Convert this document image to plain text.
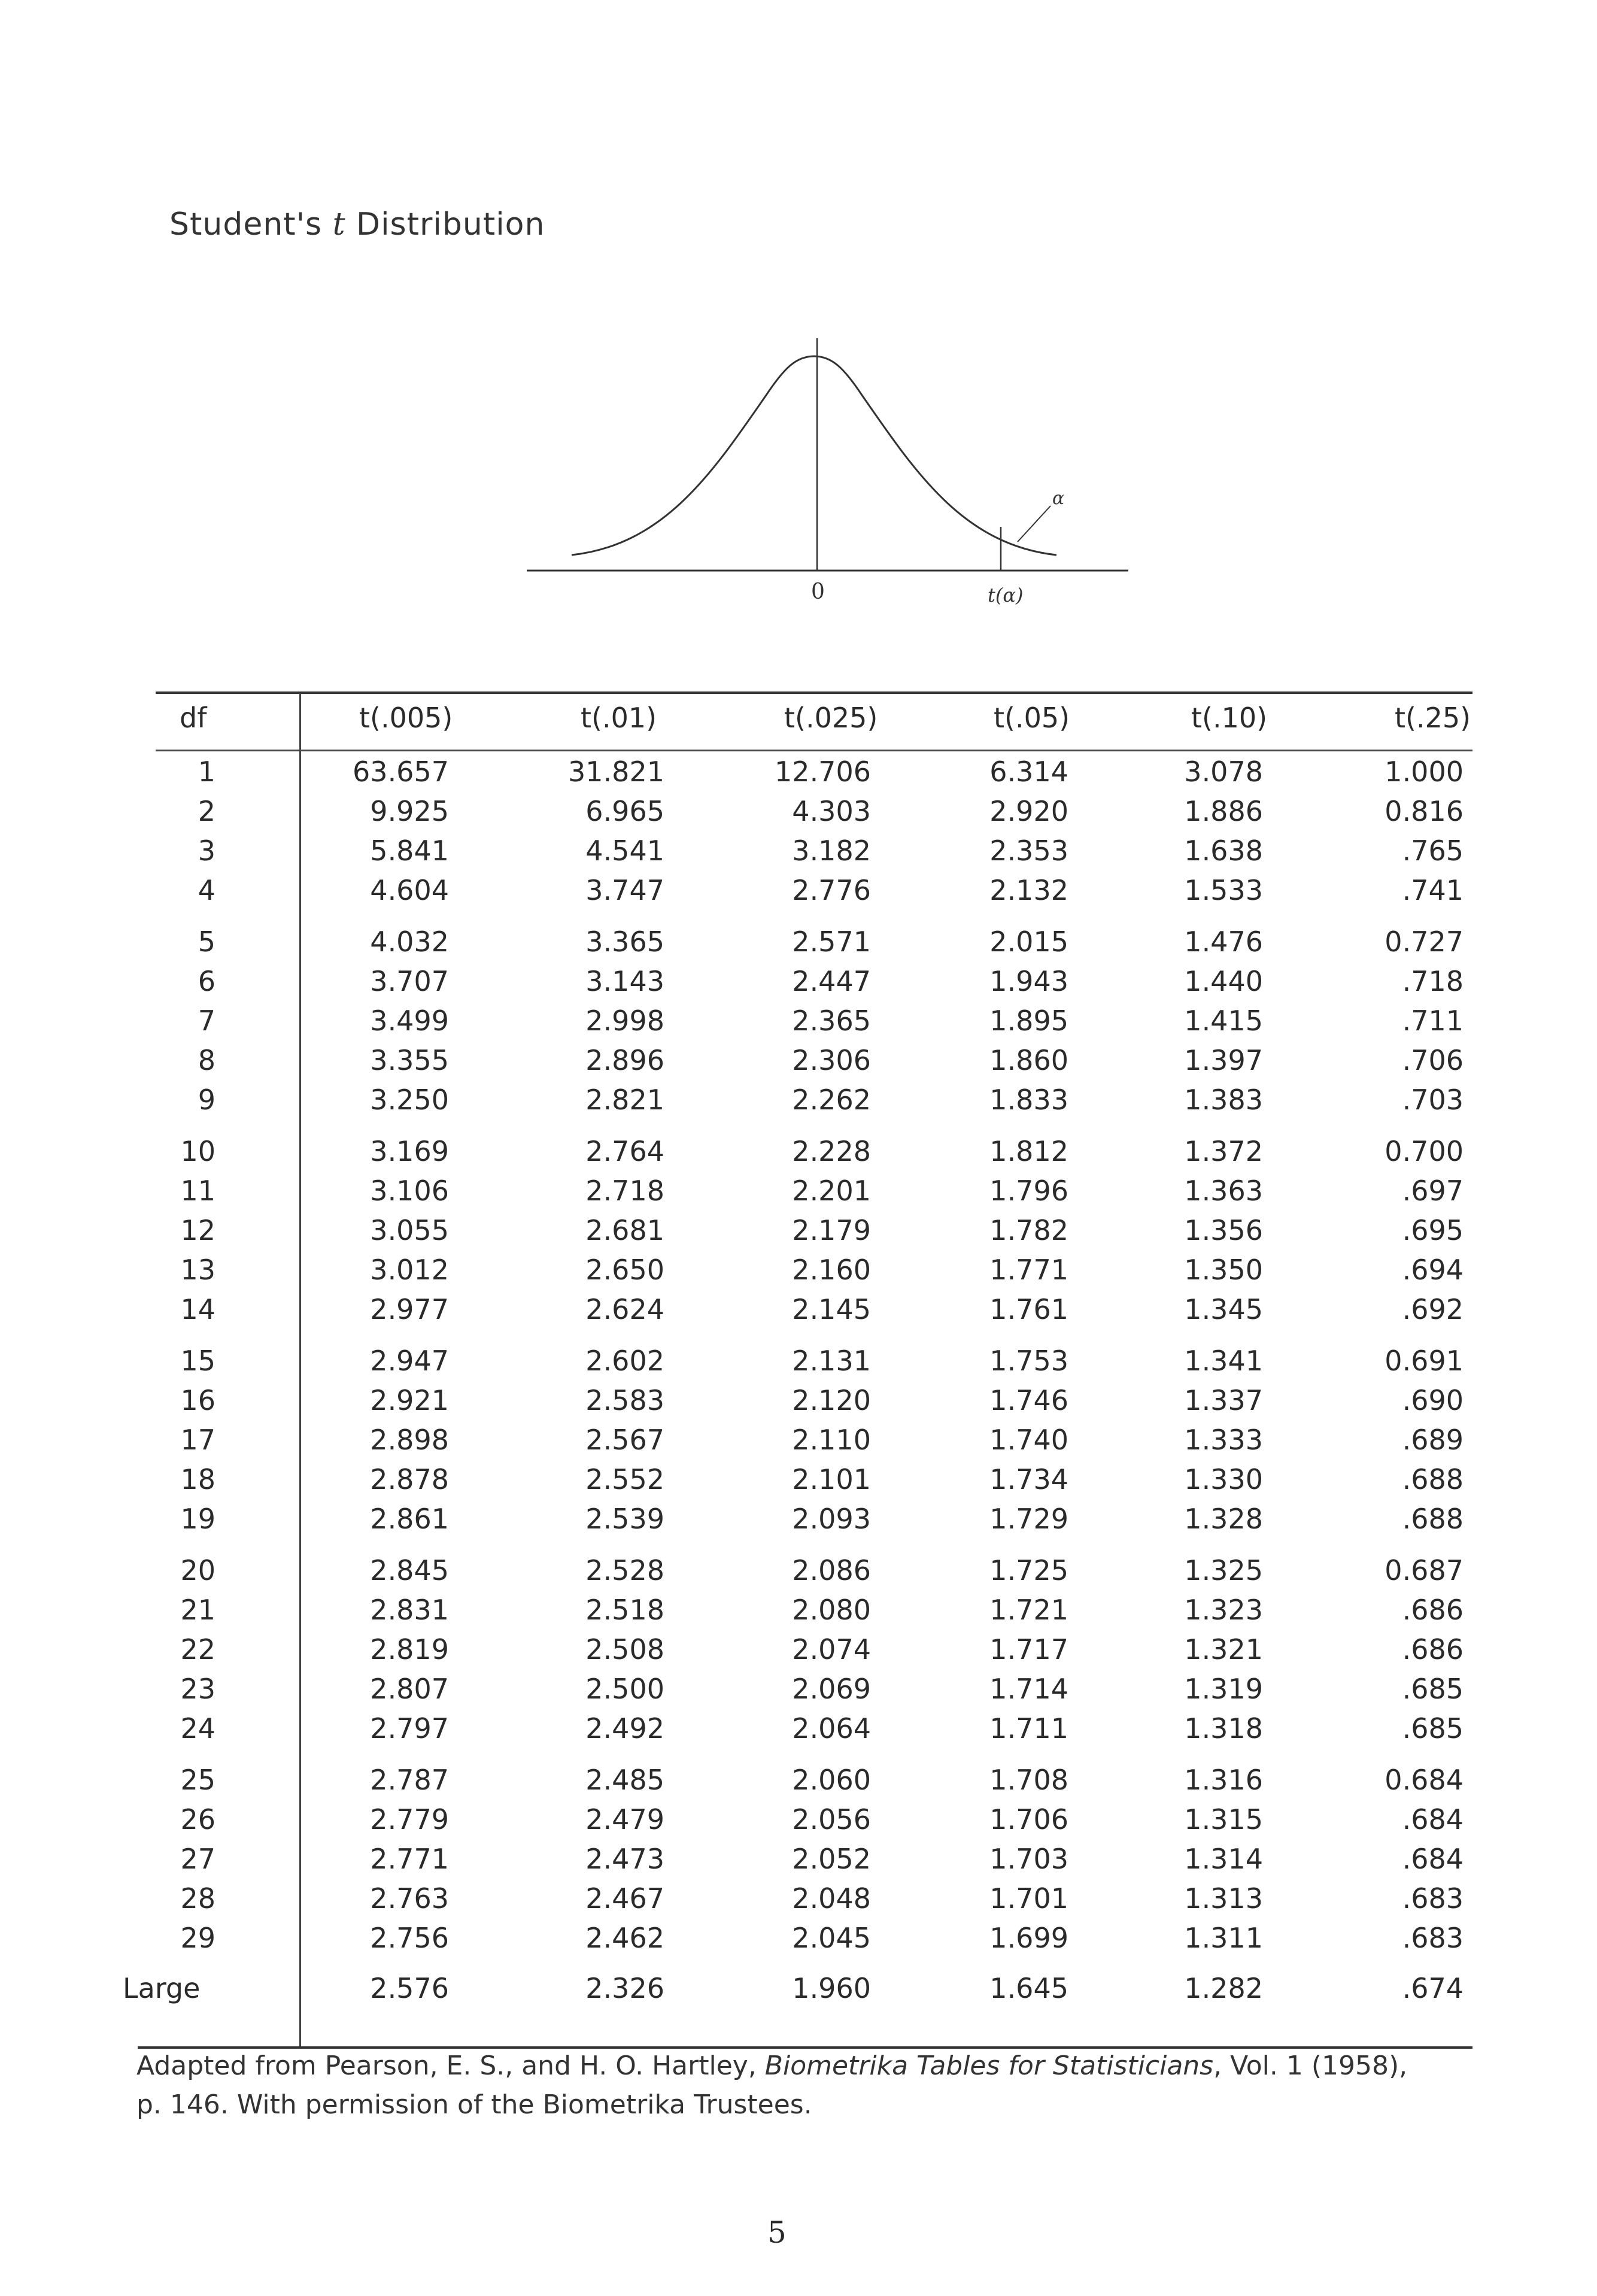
Student's t Distribution
0	t(α)
α
df	t(.005)	t(.01)	t(.025)	t(.05)	t(.10)	t(.25)
1	63.657	31.821	12.706	6.314	3.078	1.000
2	9.925	6.965	4.303	2.920	1.886	0.816
3	5.841	4.541	3.182	2.353	1.638	.765
4	4.604	3.747	2.776	2.132	1.533	.741
5	4.032	3.365	2.571	2.015	1.476	0.727
6	3.707	3.143	2.447	1.943	1.440	.718
7	3.499	2.998	2.365	1.895	1.415	.711
8	3.355	2.896	2.306	1.860	1.397	.706
9	3.250	2.821	2.262	1.833	1.383	.703
10	3.169	2.764	2.228	1.812	1.372	0.700
11	3.106	2.718	2.201	1.796	1.363	.697
12	3.055	2.681	2.179	1.782	1.356	.695
13	3.012	2.650	2.160	1.771	1.350	.694
14	2.977	2.624	2.145	1.761	1.345	.692
15	2.947	2.602	2.131	1.753	1.341	0.691
16	2.921	2.583	2.120	1.746	1.337	.690
17	2.898	2.567	2.110	1.740	1.333	.689
18	2.878	2.552	2.101	1.734	1.330	.688
19	2.861	2.539	2.093	1.729	1.328	.688
20	2.845	2.528	2.086	1.725	1.325	0.687
21	2.831	2.518	2.080	1.721	1.323	.686
22	2.819	2.508	2.074	1.717	1.321	.686
23	2.807	2.500	2.069	1.714	1.319	.685
24	2.797	2.492	2.064	1.711	1.318	.685
25	2.787	2.485	2.060	1.708	1.316	0.684
26	2.779	2.479	2.056	1.706	1.315	.684
27	2.771	2.473	2.052	1.703	1.314	.684
28	2.763	2.467	2.048	1.701	1.313	.683
29	2.756	2.462	2.045	1.699	1.311	.683
Large	2.576	2.326	1.960	1.645	1.282	.674
Adapted from Pearson, E. S., and H. O. Hartley, Biometrika Tables for Statisticians, Vol. 1 (1958),
p. 146. With permission of the Biometrika Trustees.
5
